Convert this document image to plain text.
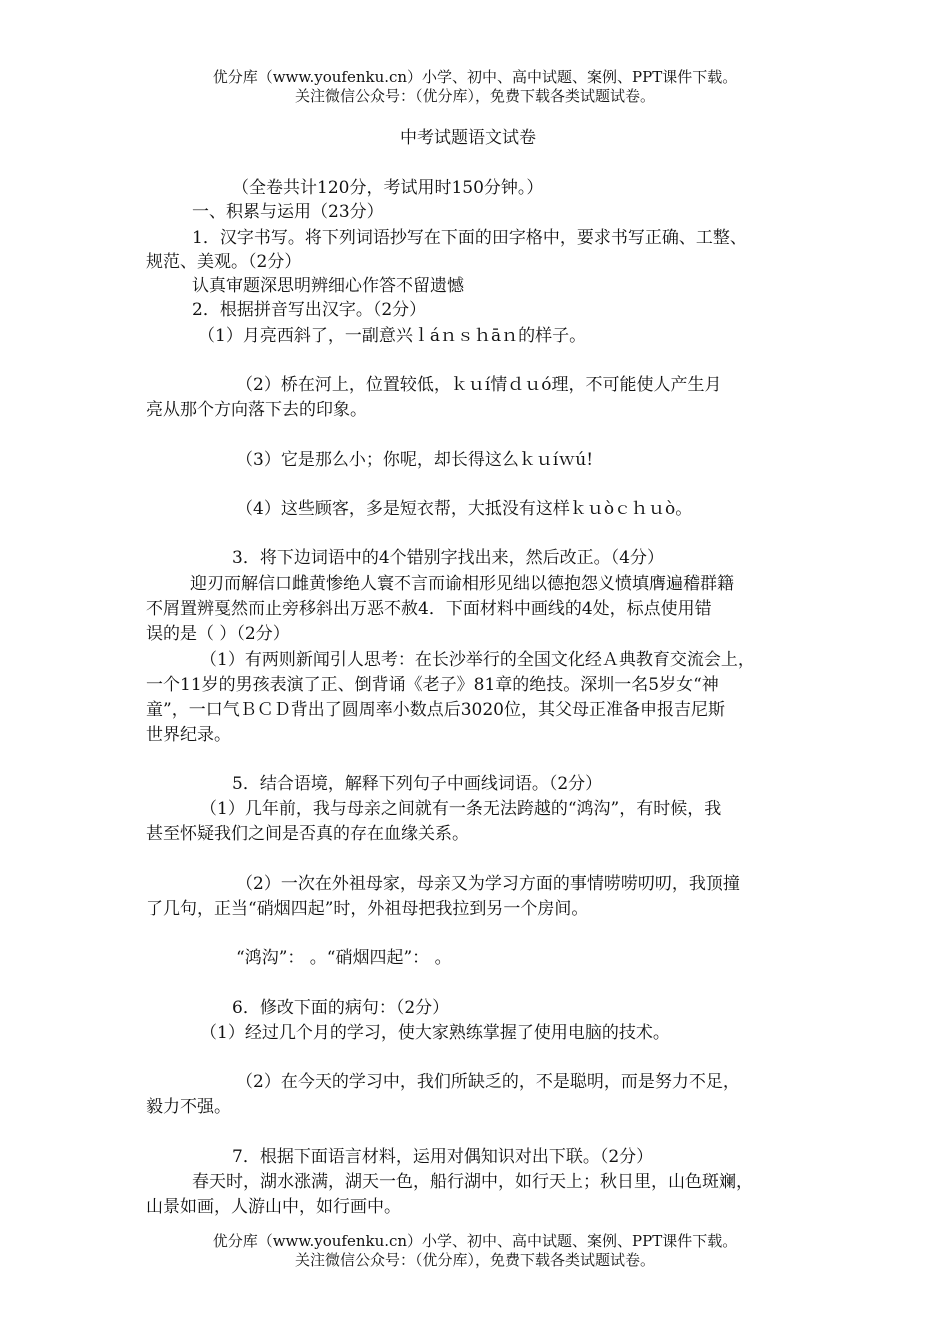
优分库（www.youfenku.cn）小学、初中、高中试题、案例、PPT课件下载。
关注微信公众号：（优分库），免费下载各类试题试卷。
中考试题语文试卷
（全卷共计120分，考试用时150分钟。）
一、积累与运用（23分）
1．汉字书写。将下列词语抄写在下面的田字格中，要求书写正确、工整、
规范、美观。（2分）
认真审题深思明辨细心作答不留遗憾
2．根据拼音写出汉字。（2分）
（1）月亮西斜了，一副意兴ｌáｎｓｈāｎ的样子。
（2）桥在河上，位置较低，ｋｕí情ｄｕó理，不可能使人产生月
亮从那个方向落下去的印象。
（3）它是那么小；你呢，却长得这么ｋｕíｗú!
（4）这些顾客，多是短衣帮，大抵没有这样ｋｕòｃｈｕò。
3．将下边词语中的4个错别字找出来，然后改正。（4分）
迎刃而解信口雌黄惨绝人寰不言而谕相形见绌以德抱怨义愤填膺遍稽群籍
不屑置辨戛然而止旁移斜出万恶不赦4．下面材料中画线的4处，标点使用错
误的是（ ）（2分）
（1）有两则新闻引人思考：在长沙举行的全国文化经Ａ典教育交流会上，
一个11岁的男孩表演了正、倒背诵《老子》81章的绝技。深圳一名5岁女“神
童”，一口气ＢＣＤ背出了圆周率小数点后3020位，其父母正准备申报吉尼斯
世界纪录。
5．结合语境，解释下列句子中画线词语。（2分）
（1）几年前，我与母亲之间就有一条无法跨越的“鸿沟”，有时候，我
甚至怀疑我们之间是否真的存在血缘关系。
（2）一次在外祖母家，母亲又为学习方面的事情唠唠叨叨，我顶撞
了几句，正当“硝烟四起”时，外祖母把我拉到另一个房间。
“鸿沟”： 。“硝烟四起”： 。
6．修改下面的病句：（2分）
（1）经过几个月的学习，使大家熟练掌握了使用电脑的技术。
（2）在今天的学习中，我们所缺乏的，不是聪明，而是努力不足，
毅力不强。
7．根据下面语言材料，运用对偶知识对出下联。（2分）
春天时，湖水涨满，湖天一色，船行湖中，如行天上；秋日里，山色斑斓，
山景如画，人游山中，如行画中。
优分库（www.youfenku.cn）小学、初中、高中试题、案例、PPT课件下载。
关注微信公众号：（优分库），免费下载各类试题试卷。
